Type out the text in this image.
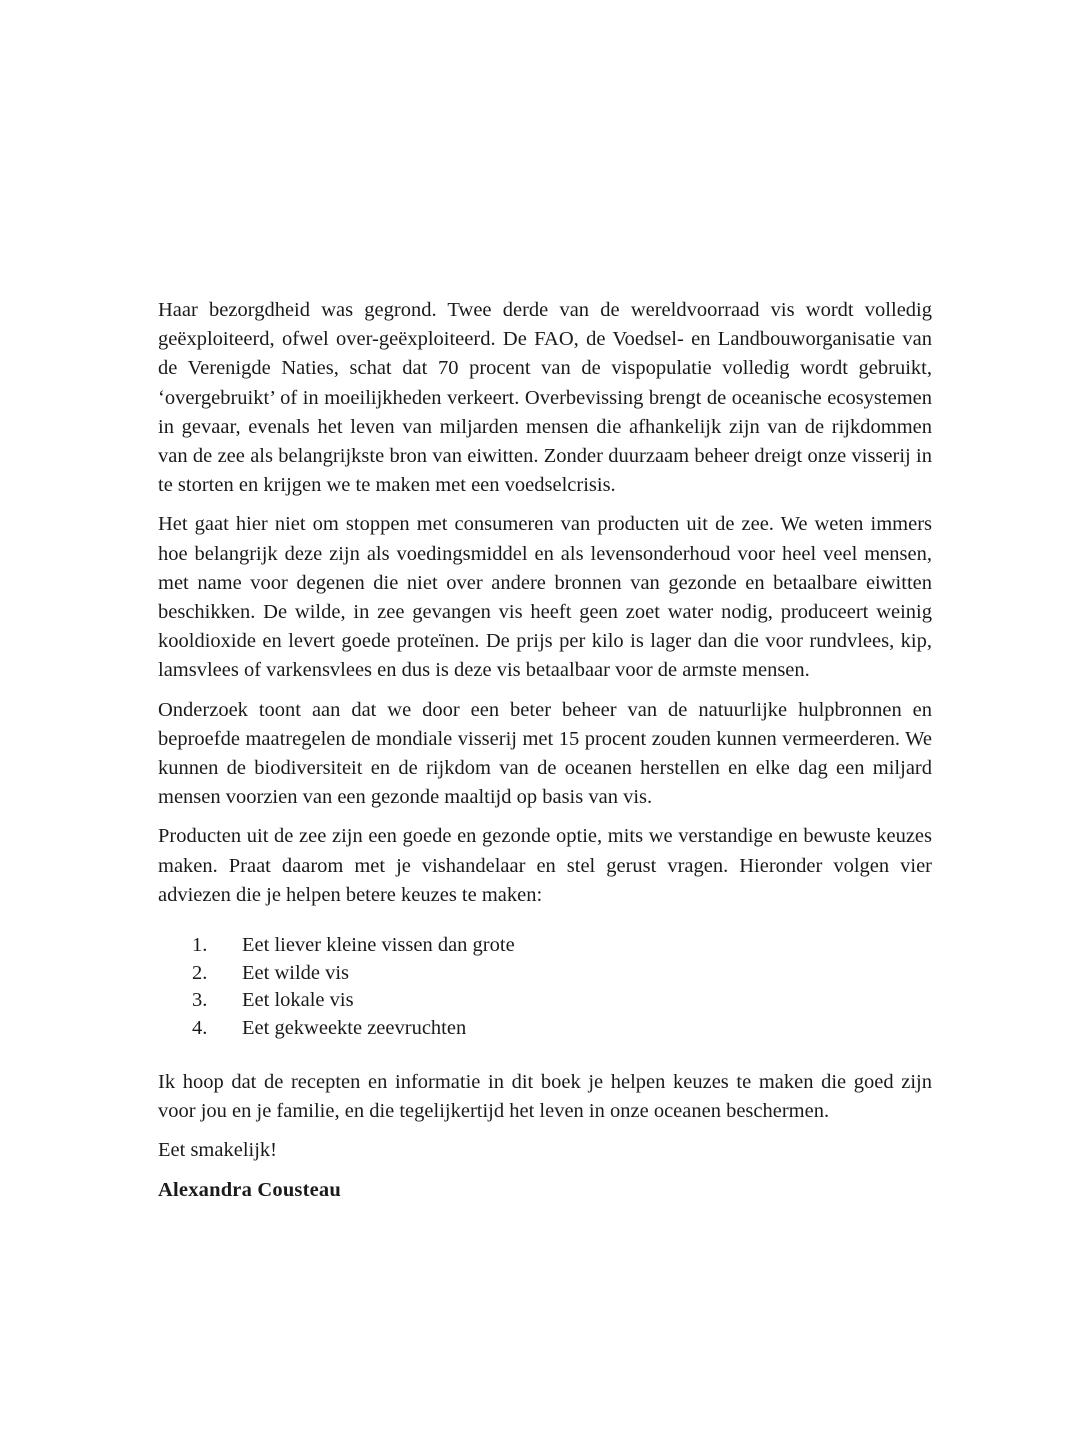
Haar bezorgdheid was gegrond. Twee derde van de wereldvoorraad vis wordt volledig geëxploiteerd, ofwel over-geëxploiteerd. De FAO, de Voedsel- en Landbouworganisatie van de Verenigde Naties, schat dat 70 procent van de vispopulatie volledig wordt gebruikt, ‘overgebruikt’ of in moeilijkheden verkeert. Overbevissing brengt de oceanische ecosystemen in gevaar, evenals het leven van miljarden mensen die afhankelijk zijn van de rijkdommen van de zee als belangrijkste bron van eiwitten. Zonder duurzaam beheer dreigt onze visserij in te storten en krijgen we te maken met een voedselcrisis.

Het gaat hier niet om stoppen met consumeren van producten uit de zee. We weten immers hoe belangrijk deze zijn als voedingsmiddel en als levensonderhoud voor heel veel mensen, met name voor degenen die niet over andere bronnen van gezonde en betaalbare eiwitten beschikken. De wilde, in zee gevangen vis heeft geen zoet water nodig, produceert weinig kooldioxide en levert goede proteïnen. De prijs per kilo is lager dan die voor rundvlees, kip, lamsvlees of varkensvlees en dus is deze vis betaalbaar voor de armste mensen.

Onderzoek toont aan dat we door een beter beheer van de natuurlijke hulpbronnen en beproefde maatregelen de mondiale visserij met 15 procent zouden kunnen vermeerderen. We kunnen de biodiversiteit en de rijkdom van de oceanen herstellen en elke dag een miljard mensen voorzien van een gezonde maaltijd op basis van vis.

Producten uit de zee zijn een goede en gezonde optie, mits we verstandige en bewuste keuzes maken. Praat daarom met je vishandelaar en stel gerust vragen. Hieronder volgen vier adviezen die je helpen betere keuzes te maken:

1.	Eet liever kleine vissen dan grote
2.	Eet wilde vis
3.	Eet lokale vis
4.	Eet gekweekte zeevruchten

Ik hoop dat de recepten en informatie in dit boek je helpen keuzes te maken die goed zijn voor jou en je familie, en die tegelijkertijd het leven in onze oceanen beschermen.

Eet smakelijk!

Alexandra Cousteau
